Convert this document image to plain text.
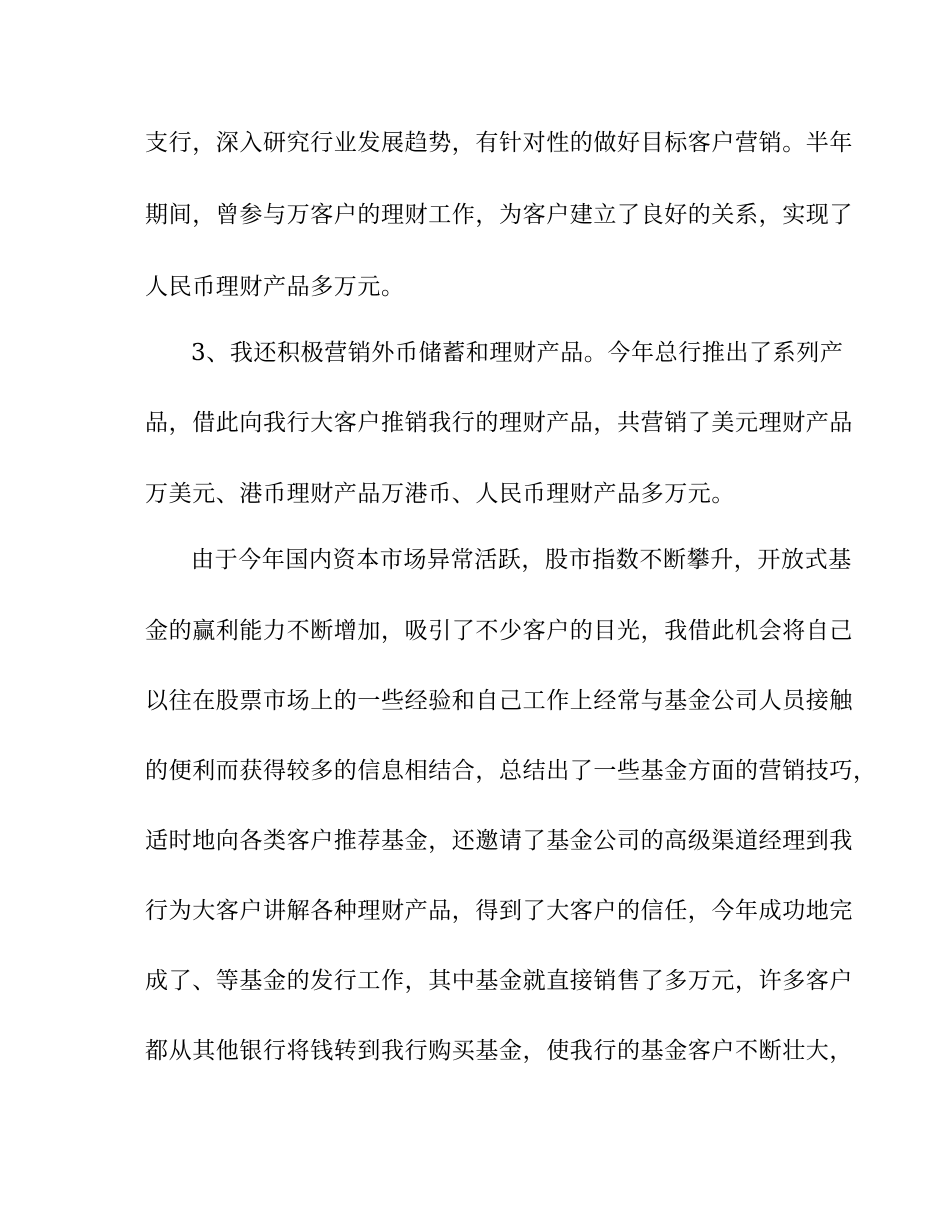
支行，深入研究行业发展趋势，有针对性的做好目标客户营销。半年
期间，曾参与万客户的理财工作，为客户建立了良好的关系，实现了
人民币理财产品多万元。
3、我还积极营销外币储蓄和理财产品。今年总行推出了系列产
品，借此向我行大客户推销我行的理财产品，共营销了美元理财产品
万美元、港币理财产品万港币、人民币理财产品多万元。
由于今年国内资本市场异常活跃，股市指数不断攀升，开放式基
金的赢利能力不断增加，吸引了不少客户的目光，我借此机会将自己
以往在股票市场上的一些经验和自己工作上经常与基金公司人员接触
的便利而获得较多的信息相结合，总结出了一些基金方面的营销技巧，
适时地向各类客户推荐基金，还邀请了基金公司的高级渠道经理到我
行为大客户讲解各种理财产品，得到了大客户的信任，今年成功地完
成了、等基金的发行工作，其中基金就直接销售了多万元，许多客户
都从其他银行将钱转到我行购买基金，使我行的基金客户不断壮大，
